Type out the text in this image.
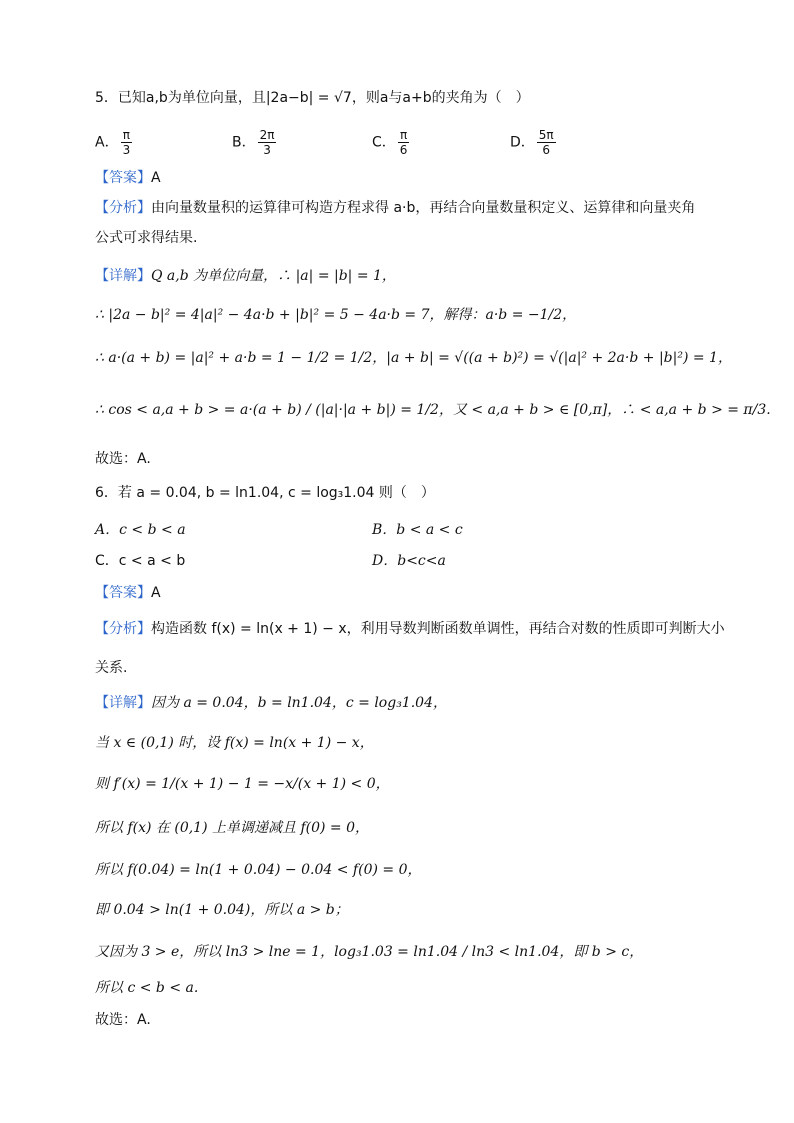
5．已知a,b为单位向量，且|2a−b| = √7，则a与a+b的夹角为（　）
A． $\frac{\pi}{3}$	B． $\frac{2\pi}{3}$	C． $\frac{\pi}{6}$	D． $\frac{5\pi}{6}$
【答案】A
【分析】由向量数量积的运算律可构造方程求得 a·b，再结合向量数量积定义、运算律和向量夹角
公式可求得结果.
【详解】Q a,b 为单位向量，∴ |a| = |b| = 1，
∴ |2a − b|² = 4|a|² − 4a·b + |b|² = 5 − 4a·b = 7，解得：a·b = −1/2，
∴ a·(a + b) = |a|² + a·b = 1 − 1/2 = 1/2，|a + b| = √((a + b)²) = √(|a|² + 2a·b + |b|²) = 1，
∴ cos < a,a + b > = a·(a + b) / (|a|·|a + b|) = 1/2，又 < a,a + b > ∈ [0,π]，∴ < a,a + b > = π/3.
故选：A.
6．若 a = 0.04, b = ln1.04, c = log₃1.04 则（　）
A．c < b < a	B．b < a < c
C．c < a < b	D．b<c<a
【答案】A
【分析】构造函数 f(x) = ln(x + 1) − x，利用导数判断函数单调性，再结合对数的性质即可判断大小
关系.
【详解】因为 a = 0.04，b = ln1.04，c = log₃1.04，
当 x ∈ (0,1) 时，设 f(x) = ln(x + 1) − x，
则 f′(x) = 1/(x + 1) − 1 = −x/(x + 1) < 0，
所以 f(x) 在 (0,1) 上单调递减且 f(0) = 0，
所以 f(0.04) = ln(1 + 0.04) − 0.04 < f(0) = 0，
即 0.04 > ln(1 + 0.04)，所以 a > b；
又因为 3 > e，所以 ln3 > lne = 1，log₃1.03 = ln1.04 / ln3 < ln1.04，即 b > c，
所以 c < b < a.
故选：A.
